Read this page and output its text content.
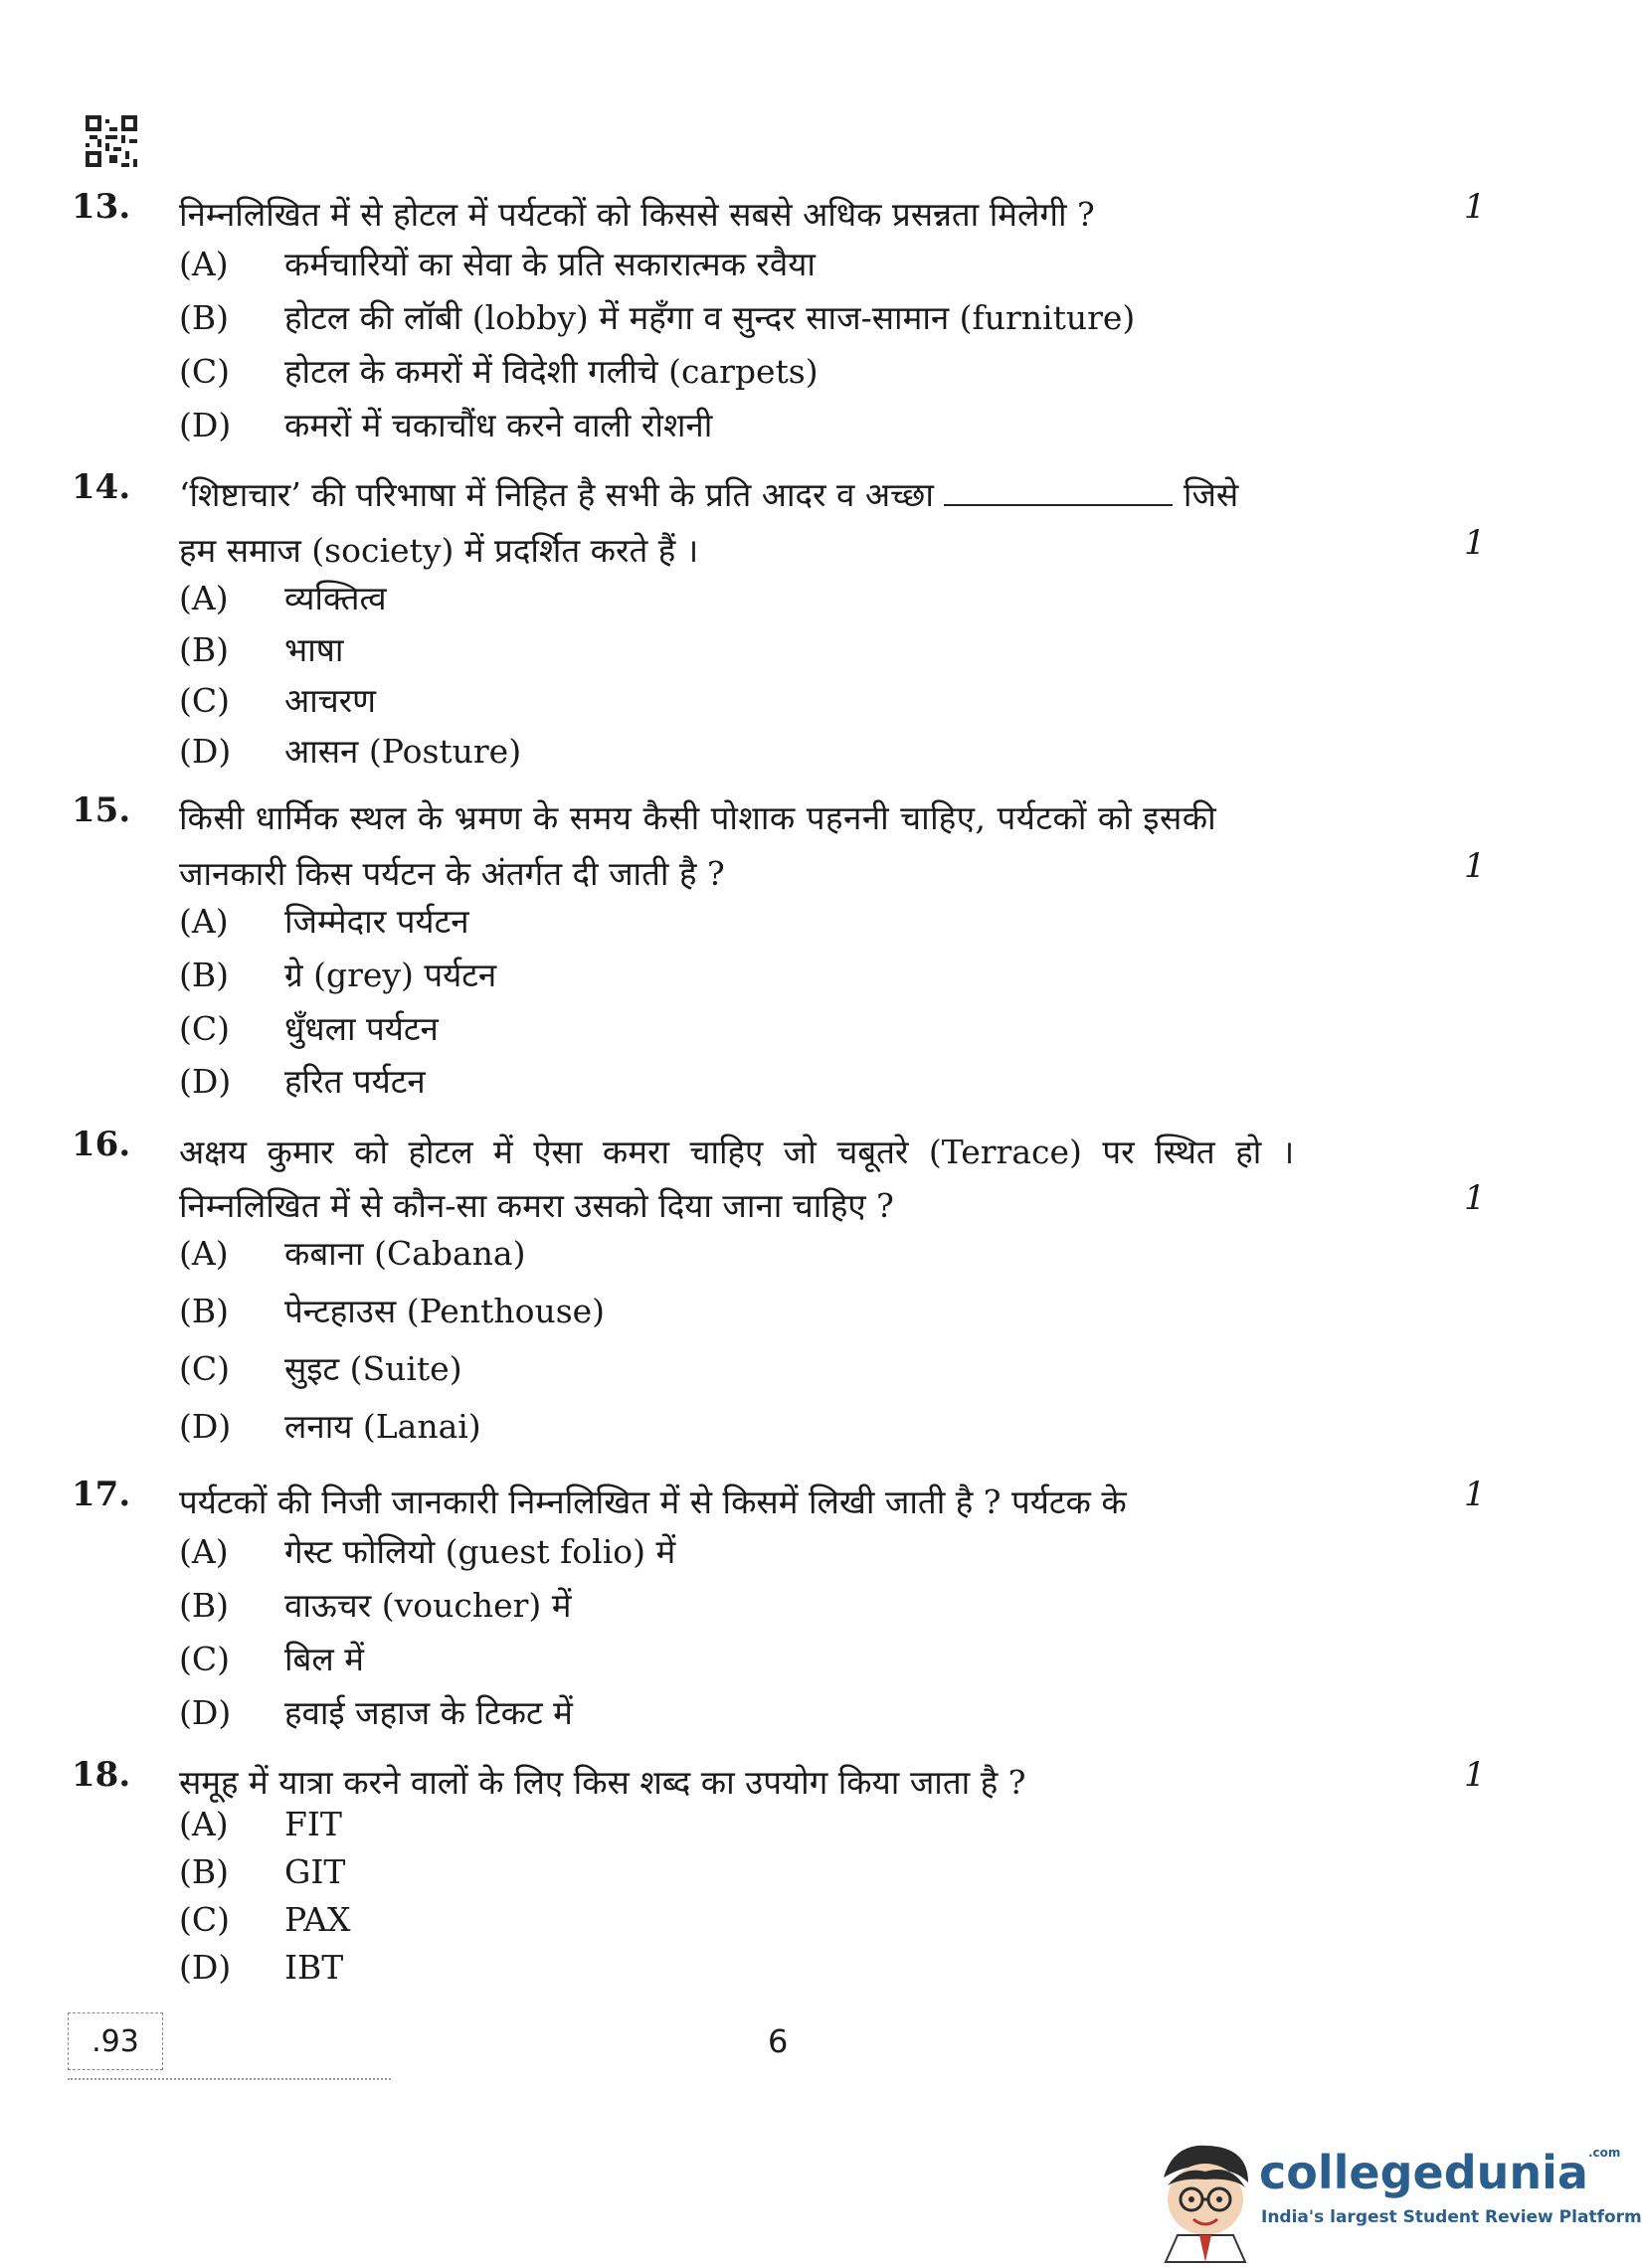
13. निम्नलिखित में से होटल में पर्यटकों को किससे सबसे अधिक प्रसन्नता मिलेगी ?	1
(A) कर्मचारियों का सेवा के प्रति सकारात्मक रवैया
(B) होटल की लॉबी (lobby) में महँगा व सुन्दर साज-सामान (furniture)
(C) होटल के कमरों में विदेशी गलीचे (carpets)
(D) कमरों में चकाचौंध करने वाली रोशनी
14. ‘शिष्टाचार’ की परिभाषा में निहित है सभी के प्रति आदर व अच्छा	जिसे
हम समाज (society) में प्रदर्शित करते हैं ।	1
(A) व्यक्तित्व
(B) भाषा
(C) आचरण
(D) आसन (Posture)
15. किसी धार्मिक स्थल के भ्रमण के समय कैसी पोशाक पहननी चाहिए, पर्यटकों को इसकी
जानकारी किस पर्यटन के अंतर्गत दी जाती है ?	1
(A) जिम्मेदार पर्यटन
(B) ग्रे (grey) पर्यटन
(C) धुँधला पर्यटन
(D) हरित पर्यटन
16. अक्षय कुमार को होटल में ऐसा कमरा चाहिए जो चबूतरे (Terrace) पर स्थित हो ।
निम्नलिखित में से कौन-सा कमरा उसको दिया जाना चाहिए ?	1
(A) कबाना (Cabana)
(B) पेन्टहाउस (Penthouse)
(C) सुइट (Suite)
(D) लनाय (Lanai)
17. पर्यटकों की निजी जानकारी निम्नलिखित में से किसमें लिखी जाती है ? पर्यटक के	1
(A) गेस्ट फोलियो (guest folio) में
(B) वाऊचर (voucher) में
(C) बिल में
(D) हवाई जहाज के टिकट में
18. समूह में यात्रा करने वालों के लिए किस शब्द का उपयोग किया जाता है ?	1
(A) FIT
(B) GIT
(C) PAX
(D) IBT
.93	6
collegedunia$^{.com}$
India's largest Student Review Platform
